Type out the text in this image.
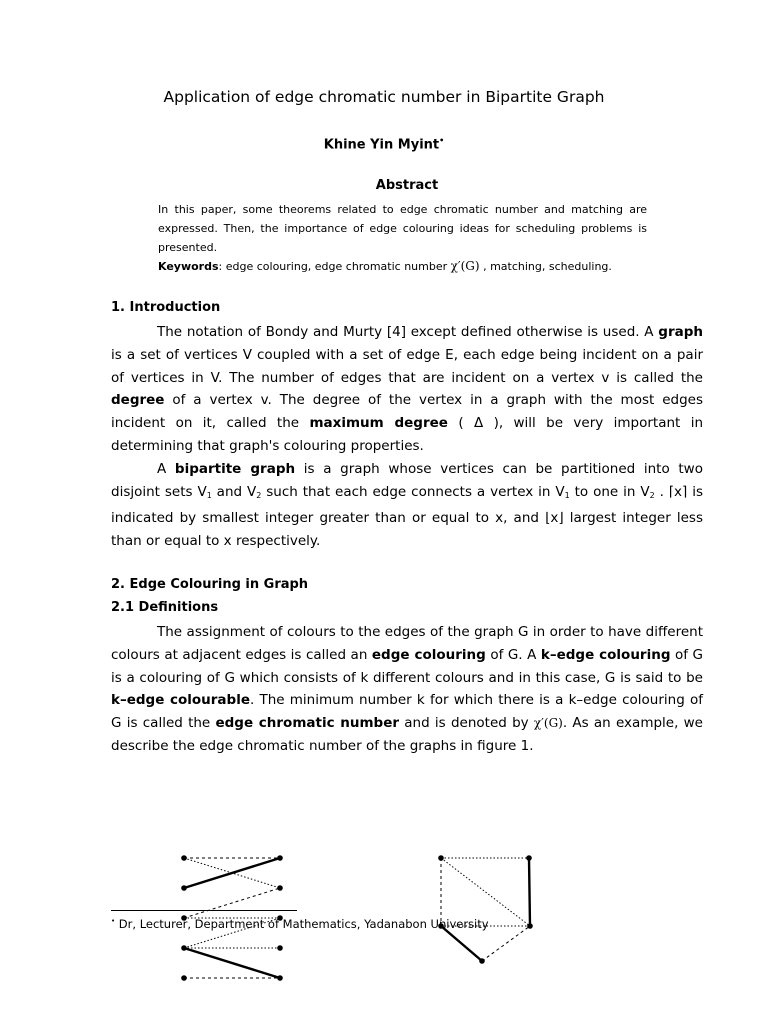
Application of edge chromatic number in Bipartite Graph
Khine Yin Myint•
Abstract
In this paper, some theorems related to edge chromatic number and matching are expressed. Then, the importance of edge colouring ideas for scheduling problems is presented.
Keywords: edge colouring, edge chromatic number χ′(G) , matching, scheduling.
1. Introduction

The notation of Bondy and Murty [4] except defined otherwise is used. A graph is a set of vertices V coupled with a set of edge E, each edge being incident on a pair of vertices in V. The number of edges that are incident on a vertex v is called the degree of a vertex v. The degree of the vertex in a graph with the most edges incident on it, called the maximum degree ( Δ ), will be very important in determining that graph's colouring properties.

A bipartite graph is a graph whose vertices can be partitioned into two disjoint sets $V_1$ and $V_2$ such that each edge connects a vertex in $V_1$ to one in $V_2$ . ⌈x⌉ is indicated by smallest integer greater than or equal to x, and ⌊x⌋ largest integer less than or equal to x respectively.

2. Edge Colouring in Graph
2.1 Definitions

The assignment of colours to the edges of the graph G in order to have different colours at adjacent edges is called an edge colouring of G. A k–edge colouring of G is a colouring of G which consists of k different colours and in this case, G is said to be k–edge colourable. The minimum number k for which there is a k–edge colouring of G is called the edge chromatic number and is denoted by χ′(G). As an example, we describe the edge chromatic number of the graphs in figure 1.

• Dr, Lecturer, Department of Mathematics, Yadanabon University
